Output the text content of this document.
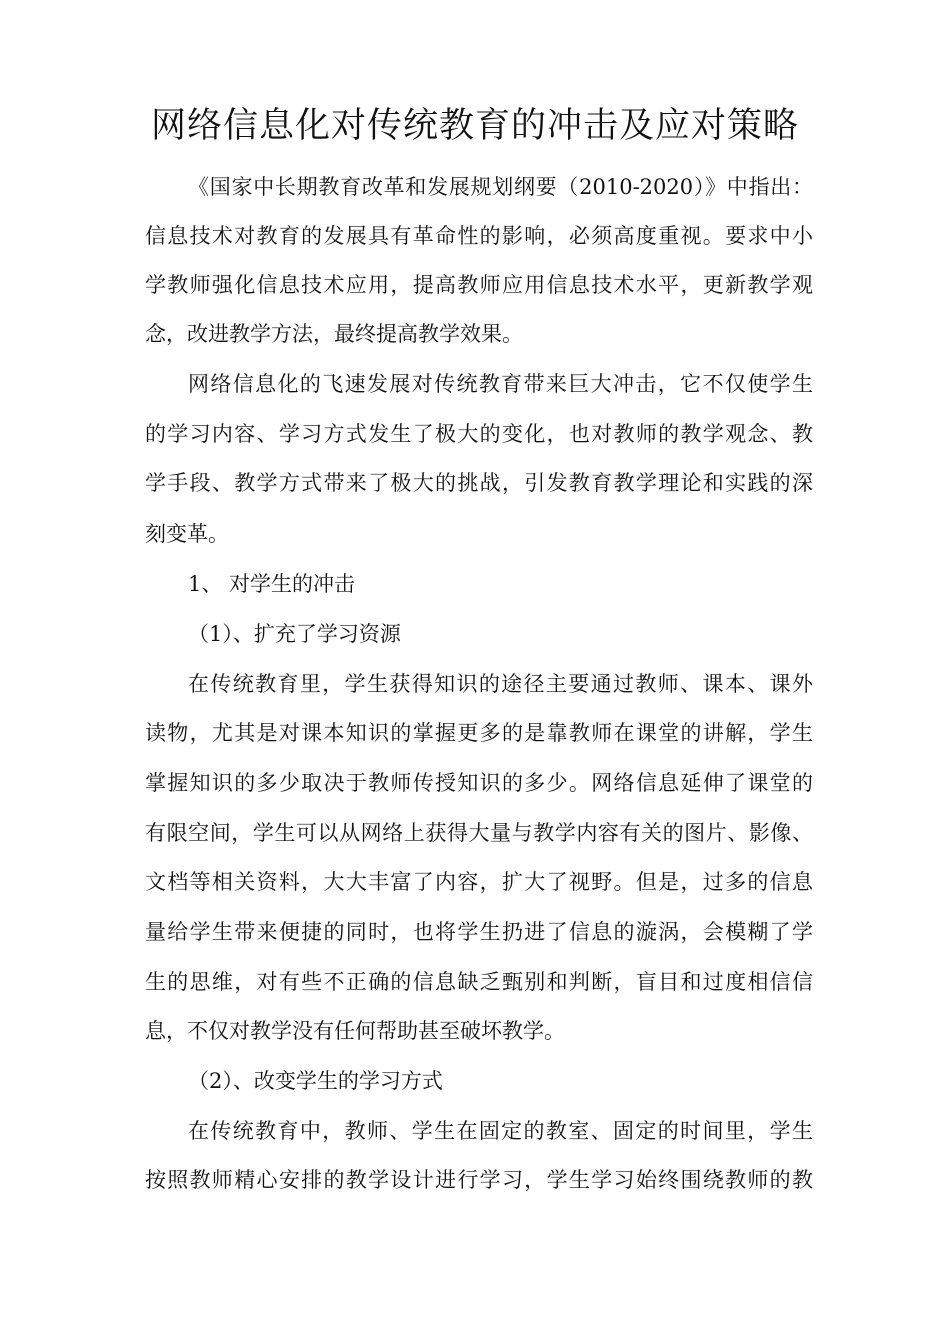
网络信息化对传统教育的冲击及应对策略

《国家中长期教育改革和发展规划纲要（2010-2020）》中指出：

信息技术对教育的发展具有革命性的影响，必须高度重视。要求中小

学教师强化信息技术应用，提高教师应用信息技术水平，更新教学观

念，改进教学方法，最终提高教学效果。

网络信息化的飞速发展对传统教育带来巨大冲击，它不仅使学生

的学习内容、学习方式发生了极大的变化，也对教师的教学观念、教

学手段、教学方式带来了极大的挑战，引发教育教学理论和实践的深

刻变革。

1、 对学生的冲击

（1）、扩充了学习资源

在传统教育里，学生获得知识的途径主要通过教师、课本、课外

读物，尤其是对课本知识的掌握更多的是靠教师在课堂的讲解，学生

掌握知识的多少取决于教师传授知识的多少。网络信息延伸了课堂的

有限空间，学生可以从网络上获得大量与教学内容有关的图片、影像、

文档等相关资料，大大丰富了内容，扩大了视野。但是，过多的信息

量给学生带来便捷的同时，也将学生扔进了信息的漩涡，会模糊了学

生的思维，对有些不正确的信息缺乏甄别和判断，盲目和过度相信信

息，不仅对教学没有任何帮助甚至破坏教学。

（2）、改变学生的学习方式

在传统教育中，教师、学生在固定的教室、固定的时间里，学生

按照教师精心安排的教学设计进行学习，学生学习始终围绕教师的教
